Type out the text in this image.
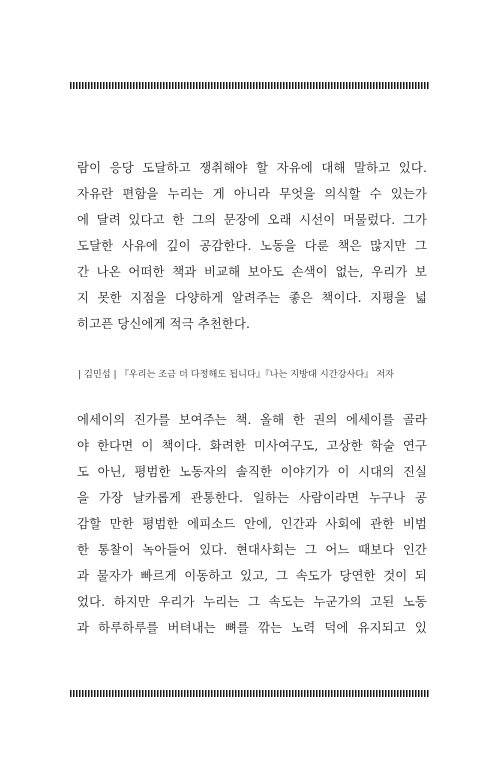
람이 응당 도달하고 쟁취해야 할 자유에 대해 말하고 있다.
자유란 편함을 누리는 게 아니라 무엇을 의식할 수 있는가
에 달려 있다고 한 그의 문장에 오래 시선이 머물렀다. 그가
도달한 사유에 깊이 공감한다. 노동을 다룬 책은 많지만 그
간 나온 어떠한 책과 비교해 보아도 손색이 없는, 우리가 보
지 못한 지점을 다양하게 알려주는 좋은 책이다. 지평을 넓
히고픈 당신에게 적극 추천한다.
| 김민섭 | 『우리는 조금 더 다정해도 됩니다』『나는 지방대 시간강사다』 저자
에세이의 진가를 보여주는 책. 올해 한 권의 에세이를 골라
야 한다면 이 책이다. 화려한 미사여구도, 고상한 학술 연구
도 아닌, 평범한 노동자의 솔직한 이야기가 이 시대의 진실
을 가장 날카롭게 관통한다. 일하는 사람이라면 누구나 공
감할 만한 평범한 에피소드 안에, 인간과 사회에 관한 비범
한 통찰이 녹아들어 있다. 현대사회는 그 어느 때보다 인간
과 물자가 빠르게 이동하고 있고, 그 속도가 당연한 것이 되
었다. 하지만 우리가 누리는 그 속도는 누군가의 고된 노동
과 하루하루를 버텨내는 뼈를 깎는 노력 덕에 유지되고 있
